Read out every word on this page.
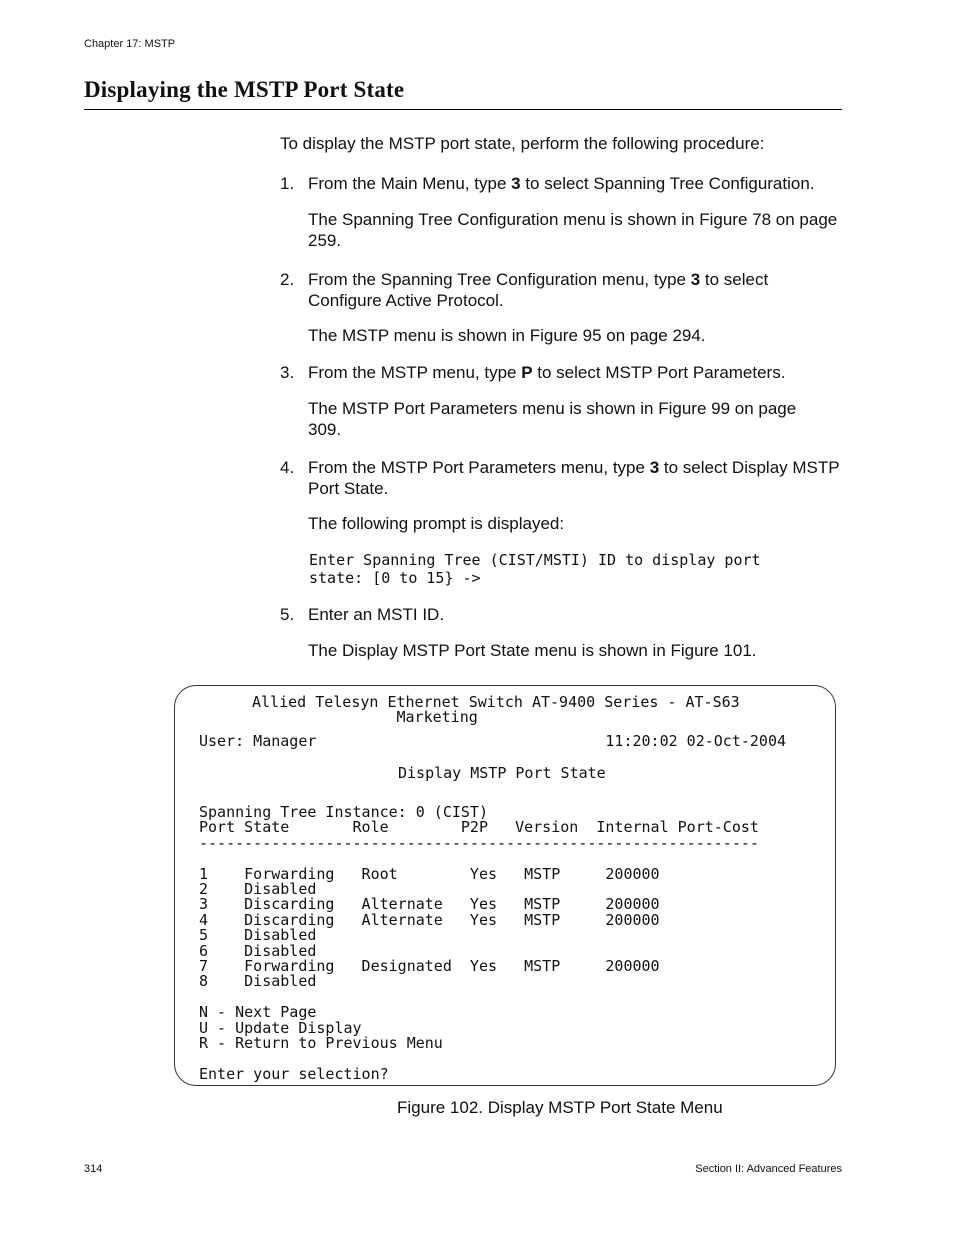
Chapter 17: MSTP
Displaying the MSTP Port State

To display the MSTP port state, perform the following procedure:

1. From the Main Menu, type 3 to select Spanning Tree Configuration.

The Spanning Tree Configuration menu is shown in Figure 78 on page 259.

2. From the Spanning Tree Configuration menu, type 3 to select Configure Active Protocol.

The MSTP menu is shown in Figure 95 on page 294.

3. From the MSTP menu, type P to select MSTP Port Parameters.

The MSTP Port Parameters menu is shown in Figure 99 on page 309.

4. From the MSTP Port Parameters menu, type 3 to select Display MSTP Port State.

The following prompt is displayed:

Enter Spanning Tree (CIST/MSTI) ID to display port
state: [0 to 15} ->

5. Enter an MSTI ID.

The Display MSTP Port State menu is shown in Figure 101.

Allied Telesyn Ethernet Switch AT-9400 Series - AT-S63
Marketing
User: Manager                                11:20:02 02-Oct-2004
Display MSTP Port State
Spanning Tree Instance: 0 (CIST)
Port State       Role        P2P   Version  Internal Port-Cost
--------------------------------------------------------------

1    Forwarding   Root        Yes   MSTP     200000
2    Disabled
3    Discarding   Alternate   Yes   MSTP     200000
4    Discarding   Alternate   Yes   MSTP     200000
5    Disabled
6    Disabled
7    Forwarding   Designated  Yes   MSTP     200000
8    Disabled

N - Next Page
U - Update Display
R - Return to Previous Menu

Enter your selection?

Figure 102. Display MSTP Port State Menu

314	Section II: Advanced Features
